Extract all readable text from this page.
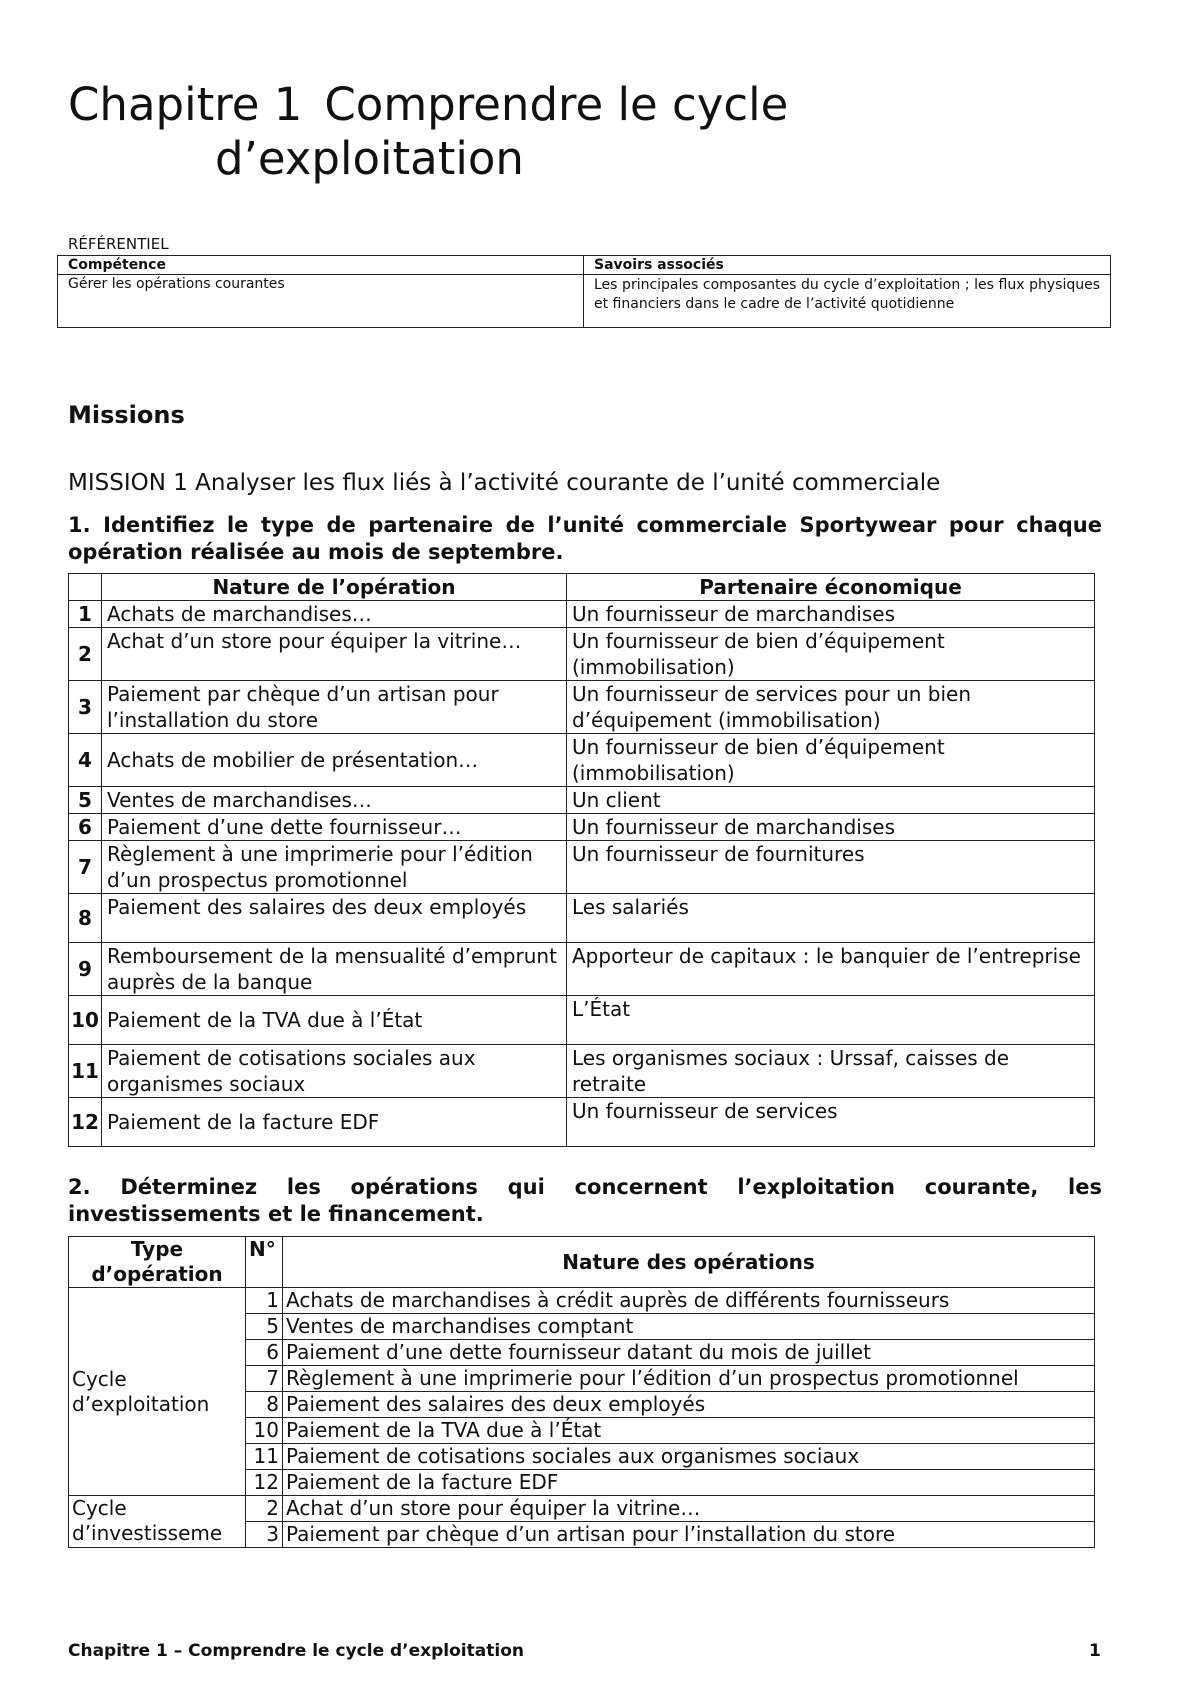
Chapitre 1 Comprendre le cycle
d’exploitation
RÉFÉRENTIEL
Compétence	Savoirs associés
Gérer les opérations courantes	Les principales composantes du cycle d’exploitation ; les flux physiques et financiers dans le cadre de l’activité quotidienne
Missions
MISSION 1 Analyser les flux liés à l’activité courante de l’unité commerciale

1. Identifiez le type de partenaire de l’unité commerciale Sportywear pour chaque opération réalisée au mois de septembre.

	Nature de l’opération	Partenaire économique
1	Achats de marchandises…	Un fournisseur de marchandises
2	Achat d’un store pour équiper la vitrine…	Un fournisseur de bien d’équipement (immobilisation)
3	Paiement par chèque d’un artisan pour l’installation du store	Un fournisseur de services pour un bien d’équipement (immobilisation)
4	Achats de mobilier de présentation…	Un fournisseur de bien d’équipement (immobilisation)
5	Ventes de marchandises…	Un client
6	Paiement d’une dette fournisseur…	Un fournisseur de marchandises
7	Règlement à une imprimerie pour l’édition d’un prospectus promotionnel	Un fournisseur de fournitures
8	Paiement des salaires des deux employés	Les salariés
9	Remboursement de la mensualité d’emprunt auprès de la banque	Apporteur de capitaux : le banquier de l’entreprise
10	Paiement de la TVA due à l’État	L’État
11	Paiement de cotisations sociales aux organismes sociaux	Les organismes sociaux : Urssaf, caisses de retraite
12	Paiement de la facture EDF	Un fournisseur de services

2. Déterminez les opérations qui concernent l’exploitation courante, les investissements et le financement.

Type d’opération	N°	Nature des opérations
Cycle d’exploitation	1	Achats de marchandises à crédit auprès de différents fournisseurs
	5	Ventes de marchandises comptant
	6	Paiement d’une dette fournisseur datant du mois de juillet
	7	Règlement à une imprimerie pour l’édition d’un prospectus promotionnel
	8	Paiement des salaires des deux employés
	10	Paiement de la TVA due à l’État
	11	Paiement de cotisations sociales aux organismes sociaux
	12	Paiement de la facture EDF
Cycle d’investisseme	2	Achat d’un store pour équiper la vitrine…
	3	Paiement par chèque d’un artisan pour l’installation du store
Chapitre 1 – Comprendre le cycle d’exploitation	1
